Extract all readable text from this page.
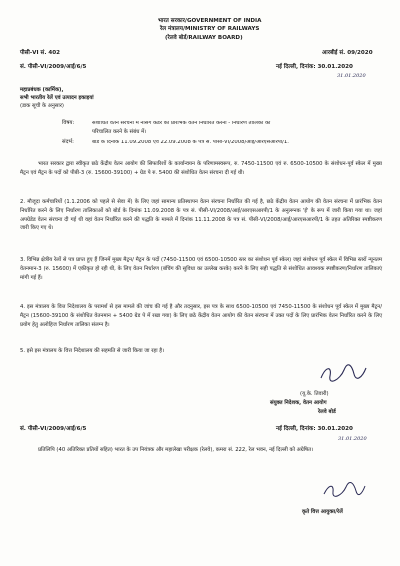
भारत सरकार/GOVERNMENT OF INDIA
रेल मंत्रालय/MINISTRY OF RAILWAYS
(रेलवे बोर्ड/RAILWAY BOARD)
पीसी-VI सं. 402	आरबीई सं. 09/2020
सं. पीसी-VI/2009/आई/6/5	नई दिल्ली, दिनांक: 30.01.2020
31.01.2020
महाप्रबंधक (कार्मिक),
सभी भारतीय रेलें एवं उत्पादन इकाइयां
(डाक सूची के अनुसार)
विषय:	संशोधित वेतन संरचना में नर्सिंग कैडर का प्रारंभिक वेतन निर्धारित करना - निर्धारण तालिका को
परिचालित करने के संबंध में।
संदर्भ:	बोर्ड के दिनांक 11.09.2008 एवं 22.09.2008 के पत्र सं. पीसी-VI/2008/आई/आरएसआरपी/1.
भारत सरकार द्वारा स्वीकृत छठे केंद्रीय वेतन आयोग की सिफारिशों के कार्यान्वयन के परिणामस्वरूप, रु. 7450-11500 एवं रु. 6500-10500 के संशोधन-पूर्व स्केल में मुख्य मैट्रन एवं मैट्रन के पदों को पीबी-3 (रु. 15600-39100) + ग्रेड पे रु. 5400 की संशोधित वेतन संरचना दी गई थी।
2. मौजूदा कर्मचारियों (1.1.2006 को पहले से सेवा में) के लिए जहां सामान्य प्रतिस्थापन वेतन संरचना निर्धारित की गई है, छठे केंद्रीय वेतन आयोग की वेतन संरचना में प्रारंभिक वेतन निर्धारित करने के लिए निर्धारण तालिकाओं को बोर्ड के दिनांक 11.09.2008 के पत्र सं. पीसी-VI/2008/आई/आरएसआरपी/1 के अनुलग्नक 'ई' के रूप में जारी किया गया था। जहां अपग्रेडेड वेतन संरचना दी गई थी वहां वेतन निर्धारित करने की पद्धति के मामले में दिनांक 11.11.2008 के पत्र सं. पीसी-VI/2008/आई/आरएसआरपी/1 के तहत अतिरिक्त स्पष्टीकरण जारी किए गए थे।
3. विभिन्न क्षेत्रीय रेलों से पत्र प्राप्त हुए हैं जिनमें मुख्य मैट्रन/ मैट्रन के पदों (7450-11500 एवं 6500-10500 स्तर का संशोधन पूर्व स्केल) जहां संशोधन पूर्व स्केल में विभिन्न स्तरों न्यूनतम वेतनमान-3 (रु. 15600) में एकीकृत हो रही थी, के लिए वेतन निर्धारण (बंचिंग की सुविधा का उल्लेख करके) करने के लिए सही पद्धति से संशोधित आवश्यक स्पष्टीकरण/निर्धारण तालिकाएं मांगी गई हैं।
4. इस मंत्रालय के वित्त निदेशालय के परामर्श से इस मामले की जांच की गई है और तदनुसार, इस पत्र के साथ 6500-10500 एवं 7450-11500 के संशोधन पूर्व स्केल में मुख्य मैट्रन/ मैट्रन (15600-39100 के संशोधित वेतनमान + 5400 ग्रेड पे में रखा गया) के लिए छठे केंद्रीय वेतन आयोग की वेतन संरचना में उक्त पदों के लिए प्रारंभिक वेतन निर्धारित करने के लिए प्रयोग हेतु अलोहिज निर्धारण तालिका संलग्न है।
5. इसे इस मंत्रालय के वित्त निदेशालय की सहमति से जारी किया जा रहा है।
(यू.के. तिवारी)
संयुक्त निदेशक, वेतन आयोग
रेलवे बोर्ड
सं. पीसी-VI/2009/आई/6/5	नई दिल्ली, दिनांक: 30.01.2020
31.01.2020
प्रतिलिपि (40 अतिरिक्त प्रतियों सहित) भारत के उप नियंत्रक और महालेखा परीक्षक (रेलवे), कमरा सं. 222, रेल भवन, नई दिल्ली को अग्रेषित।
कृते वित्त आयुक्त/रेलें
